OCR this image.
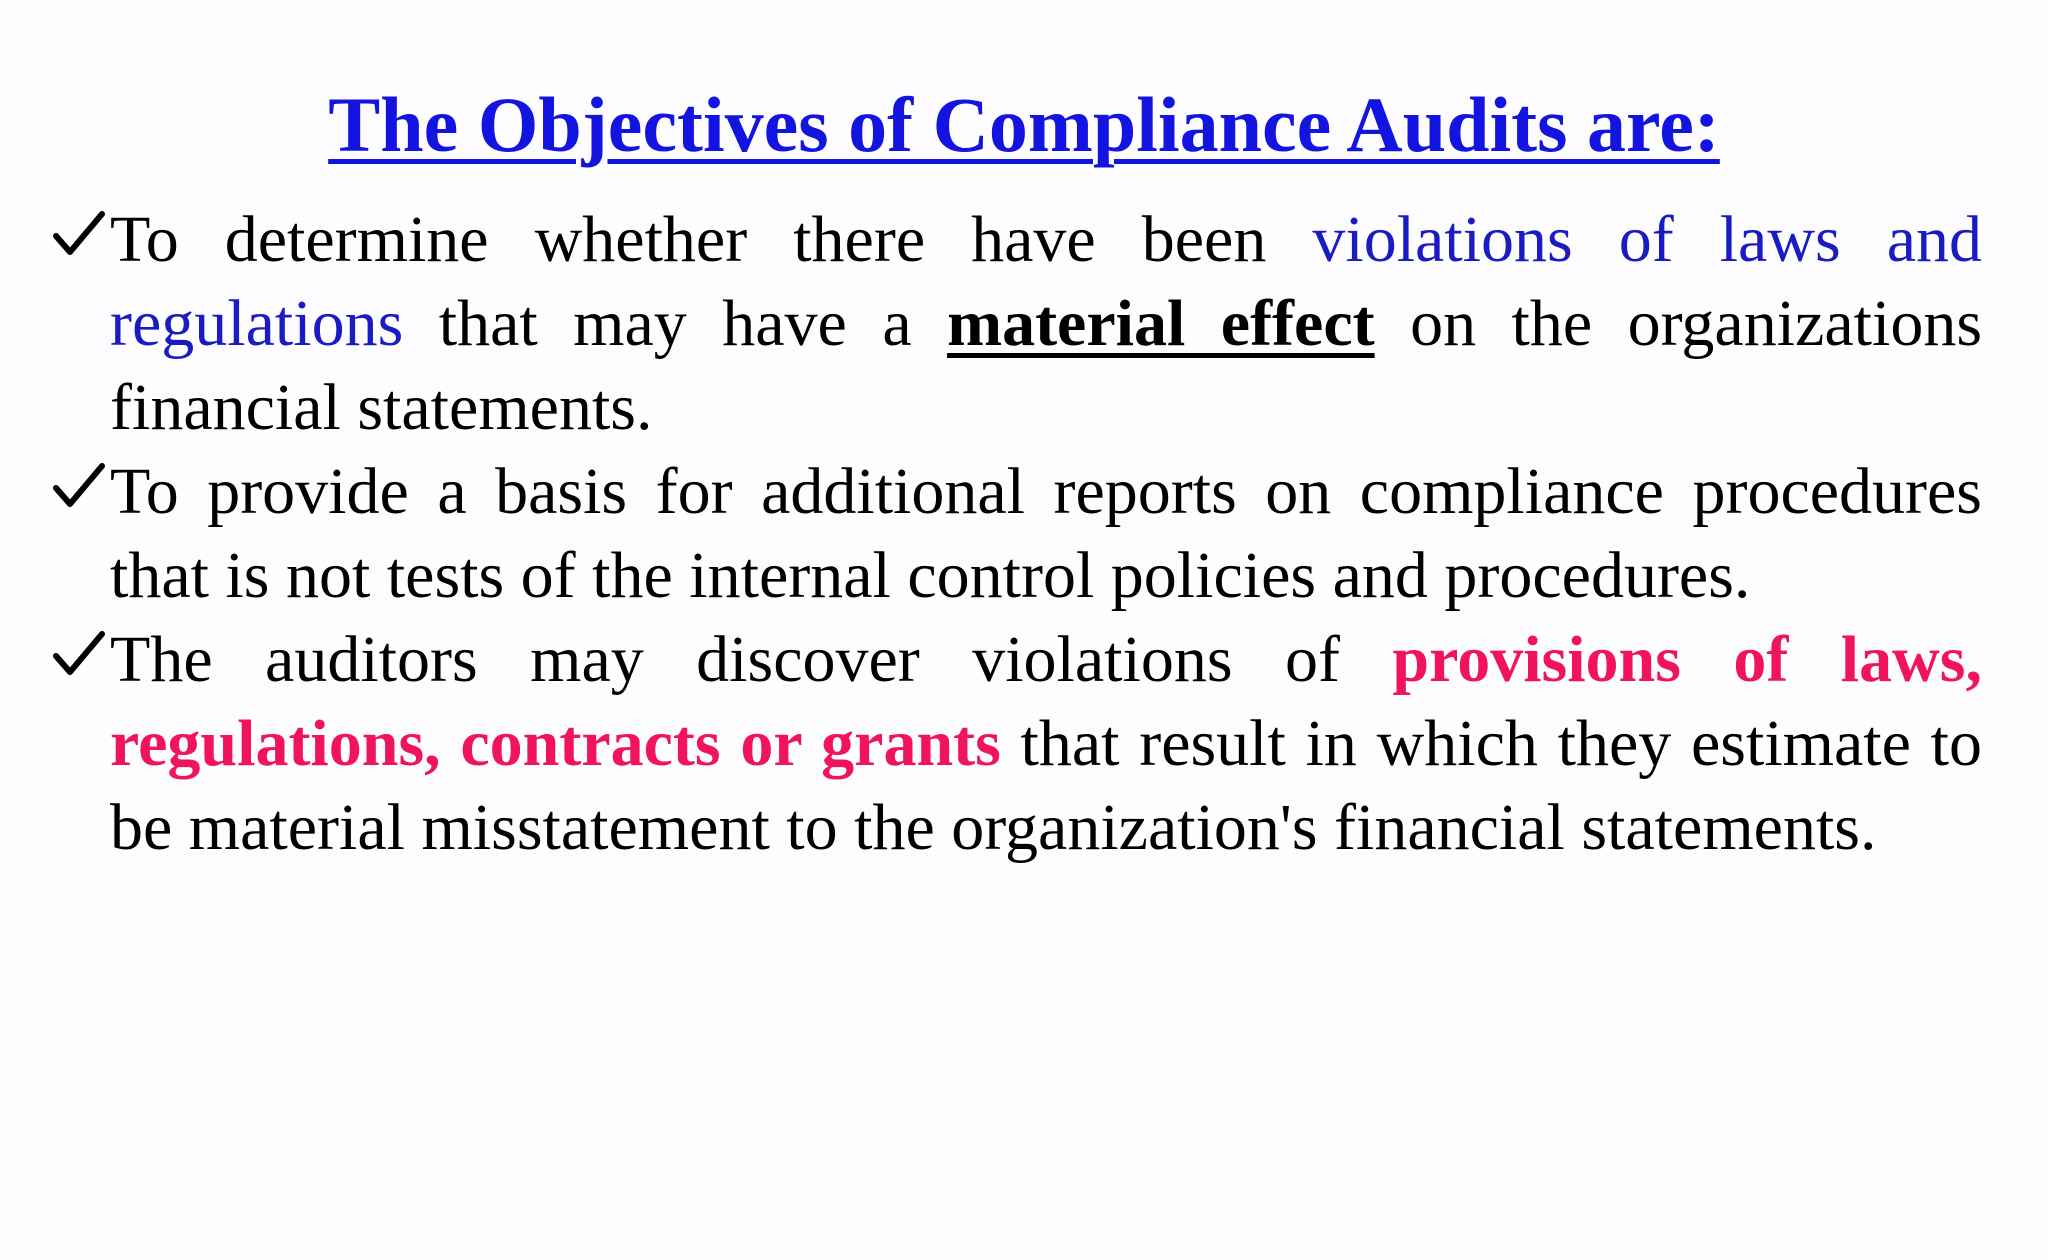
The Objectives of Compliance Audits are:
To determine whether there have been violations of laws and regulations that may have a material effect on the organizations financial statements.
To provide a basis for additional reports on compliance procedures that is not tests of the internal control policies and procedures.
The auditors may discover violations of provisions of laws, regulations, contracts or grants that result in which they estimate to be material misstatement to the organization's financial statements.
